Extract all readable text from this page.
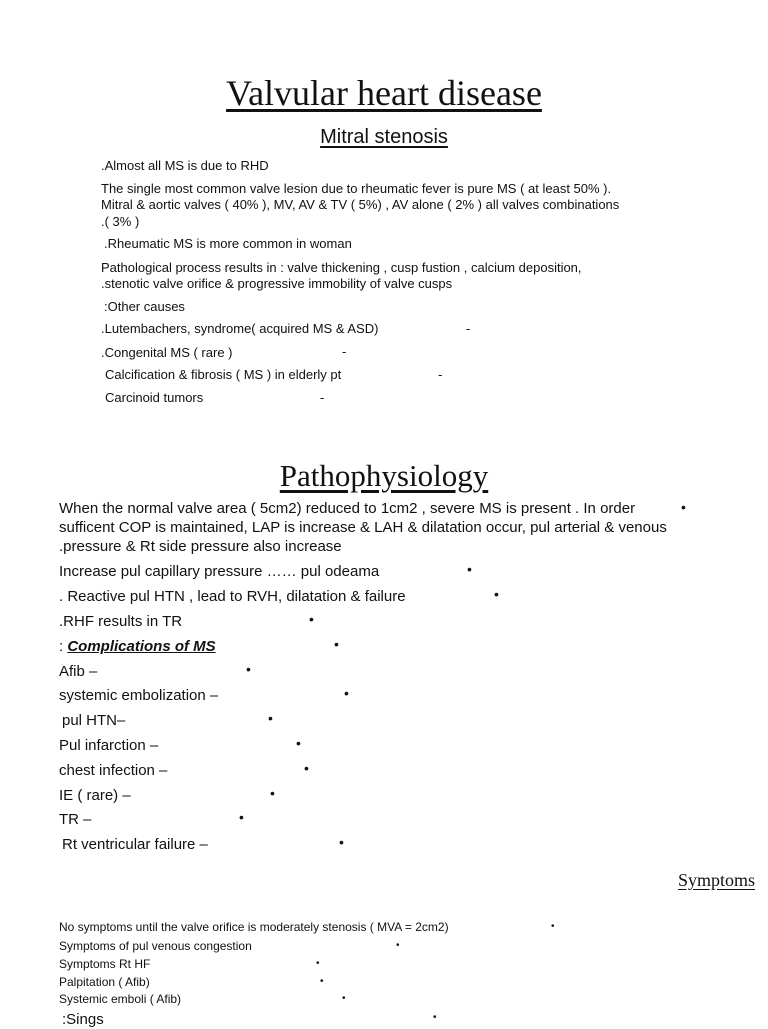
Valvular heart disease
Mitral stenosis
.Almost all MS is due to RHD
The single most common valve lesion due to rheumatic fever is pure MS ( at least 50% ).
Mitral & aortic valves ( 40% ), MV, AV & TV ( 5%) , AV alone ( 2% ) all valves combinations
.( 3% )
.Rheumatic MS is more common in woman
Pathological process results in : valve thickening , cusp fustion , calcium deposition,
.stenotic valve orifice & progressive immobility of valve cusps
:Other causes
.Lutembachers, syndrome( acquired MS & ASD)	-
.Congenital MS ( rare )	-
Calcification & fibrosis ( MS ) in elderly pt	-
Carcinoid tumors	-
Pathophysiology
When the normal valve area ( 5cm2) reduced to 1cm2 , severe MS is present . In order	•
sufficent COP is maintained, LAP is increase & LAH & dilatation occur, pul arterial & venous
.pressure & Rt side pressure also increase
Increase pul capillary pressure …… pul odeama	•
. Reactive pul HTN , lead to RVH, dilatation & failure	•
.RHF results in TR	•
: Complications of MS	•
Afib –	•
systemic embolization –	•
pul HTN–	•
Pul infarction –	•
chest infection –	•
IE ( rare) –	•
TR –	•
Rt ventricular failure –	•
Symptoms
No symptoms until the valve orifice is moderately stenosis ( MVA = 2cm2)	•
Symptoms of pul venous congestion	•
Symptoms Rt HF	•
Palpitation ( Afib)	•
Systemic emboli ( Afib)	•
:Sings	•
